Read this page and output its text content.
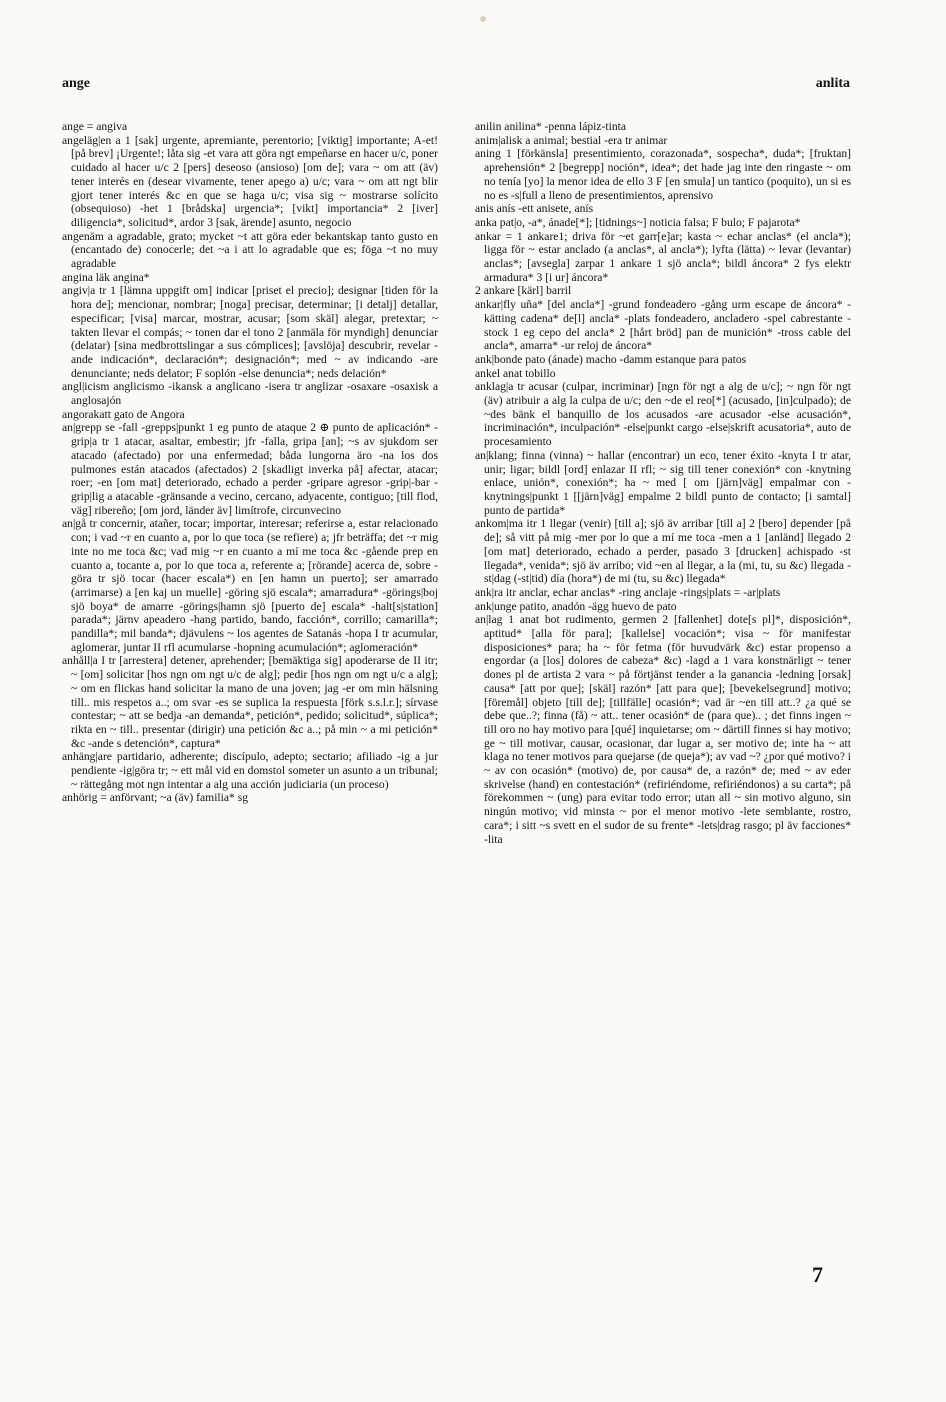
ange	anlita

ange = angiva

angeläg|en a 1 [sak] urgente, apremiante, perentorio; [viktig] importante; A-et! [på brev] ¡Urgente!; låta sig -et vara att göra ngt empeñarse en hacer u/c, poner cuidado al hacer u/c 2 [pers] deseoso (ansioso) [om de]; vara ~ om att (äv) tener interés en (desear vivamente, tener apego a) u/c; vara ~ om att ngt blir gjort tener interés &c en que se haga u/c; visa sig ~ mostrarse solícito (obsequioso) -het 1 [brådska] urgencia*; [vikt] importancia* 2 [iver] diligencia*, solicitud*, ardor 3 [sak, ärende] asunto, negocio

angenäm a agradable, grato; mycket ~t att göra eder bekantskap tanto gusto en (encantado de) conocerle; det ~a i att lo agradable que es; föga ~t no muy agradable

angina läk angina*

angiv|a tr 1 [lämna uppgift om] indicar [priset el precio]; designar [tiden för la hora de]; mencionar, nombrar; [noga] precisar, determinar; [i detalj] detallar, especificar; [visa] marcar, mostrar, acusar; [som skäl] alegar, pretextar; ~ takten llevar el compás; ~ tonen dar el tono 2 [anmäla för myndigh] denunciar (delatar) [sina medbrottslingar a sus cómplices]; [avslöja] descubrir, revelar -ande indicación*, declaración*; designación*; med ~ av indicando -are denunciante; neds delator; F soplón -else denuncia*; neds delación*

angl|icism anglicismo -ikansk a anglicano -isera tr anglizar -osaxare -osaxisk a anglosajón

angorakatt gato de Angora

an|grepp se -fall -grepps|punkt 1 eg punto de ataque 2 ⊕ punto de aplicación* -grip|a tr 1 atacar, asaltar, embestir; jfr -falla, gripa [an]; ~s av sjukdom ser atacado (afectado) por una enfermedad; båda lungorna äro -na los dos pulmones están atacados (afectados) 2 [skadligt inverka på] afectar, atacar; roer; -en [om mat] deteriorado, echado a perder -gripare agresor -grip|-bar -grip|lig a atacable -gränsande a vecino, cercano, adyacente, contiguo; [till flod, väg] ribereño; [om jord, länder äv] limítrofe, circunvecino

an|gå tr concernir, atañer, tocar; importar, interesar; referirse a, estar relacionado con; i vad ~r en cuanto a, por lo que toca (se refiere) a; jfr beträffa; det ~r mig inte no me toca &c; vad mig ~r en cuanto a mí me toca &c -gående prep en cuanto a, tocante a, por lo que toca a, referente a; [rörande] acerca de, sobre -göra tr sjö tocar (hacer escala*) en [en hamn un puerto]; ser amarrado (arrimarse) a [en kaj un muelle] -göring sjö escala*; amarradura* -görings|boj sjö boya* de amarre -görings|hamn sjö [puerto de] escala* -halt[s|station] parada*; järnv apeadero -hang partido, bando, facción*, corrillo; camarilla*; pandilla*; mil banda*; djävulens ~ los agentes de Satanás -hopa I tr acumular, aglomerar, juntar II rfl acumularse -hopning acumulación*; aglomeración*

anhåll|a I tr [arrestera] detener, aprehender; [bemäktiga sig] apoderarse de II itr; ~ [om] solicitar [hos ngn om ngt u/c de alg]; pedir [hos ngn om ngt u/c a alg]; ~ om en flickas hand solicitar la mano de una joven; jag -er om min hälsning till.. mis respetos a..; om svar -es se suplica la respuesta [förk s.s.l.r.]; sírvase contestar; ~ att se bedja -an demanda*, petición*, pedido; solicitud*, súplica*; rikta en ~ till.. presentar (dirigir) una petición &c a..; på min ~ a mi petición* &c -ande s detención*, captura*

anhäng|are partidario, adherente; discípulo, adepto; sectario; afiliado -ig a jur pendiente -ig|göra tr; ~ ett mål vid en domstol someter un asunto a un tribunal; ~ rättegång mot ngn intentar a alg una acción judiciaria (un proceso)

anhörig = anförvant; ~a (äv) familia* sg

anilin anilina* -penna lápiz-tinta

anim|alisk a animal; bestial -era tr animar

aning 1 [förkänsla] presentimiento, corazonada*, sospecha*, duda*; [fruktan] aprehensión* 2 [begrepp] noción*, idea*; det hade jag inte den ringaste ~ om no tenía [yo] la menor idea de ello 3 F [en smula] un tantico (poquito), un si es no es -s|full a lleno de presentimientos, aprensivo

anis anís -ett anisete, anís

anka pat|o, -a*, ánade[*]; [tidnings~] noticia falsa; F bulo; F pajarota*

ankar = 1 ankare1; driva för ~et garr[e]ar; kasta ~ echar anclas* (el ancla*); ligga för ~ estar anclado (a anclas*, al ancla*); lyfta (lätta) ~ levar (levantar) anclas*; [avsegla] zarpar 1 ankare 1 sjö ancla*; bildl áncora* 2 fys elektr armadura* 3 [i ur] áncora*

2 ankare [kärl] barril

ankar|fly uña* [del ancla*] -grund fondeadero -gång urm escape de áncora* -kätting cadena* de[l] ancla* -plats fondeadero, ancladero -spel cabrestante -stock 1 eg cepo del ancla* 2 [hårt bröd] pan de munición* -tross cable del ancla*, amarra* -ur reloj de áncora*

ank|bonde pato (ánade) macho -damm estanque para patos

ankel anat tobillo

anklag|a tr acusar (culpar, incriminar) [ngn för ngt a alg de u/c]; ~ ngn för ngt (äv) atribuir a alg la culpa de u/c; den ~de el reo[*] (acusado, [in]culpado); de ~des bänk el banquillo de los acusados -are acusador -else acusación*, incriminación*, inculpación* -else|punkt cargo -else|skrift acusatoria*, auto de procesamiento

an|klang; finna (vinna) ~ hallar (encontrar) un eco, tener éxito -knyta I tr atar, unir; ligar; bildl [ord] enlazar II rfl; ~ sig till tener conexión* con -knytning enlace, unión*, conexión*; ha ~ med [ om [järn]väg] empalmar con -knytnings|punkt 1 [[järn]väg] empalme 2 bildl punto de contacto; [i samtal] punto de partida*

ankom|ma itr 1 llegar (venir) [till a]; sjö äv arribar [till a] 2 [bero] depender [på de]; så vitt på mig -mer por lo que a mí me toca -men a 1 [anländ] llegado 2 [om mat] deteriorado, echado a perder, pasado 3 [drucken] achispado -st llegada*, venida*; sjö äv arribo; vid ~en al llegar, a la (mi, tu, su &c) llegada -st|dag (-st|tid) día (hora*) de mi (tu, su &c) llegada*

ank|ra itr anclar, echar anclas* -ring anclaje -rings|plats = -ar|plats

ank|unge patito, anadón -ägg huevo de pato

an|lag 1 anat bot rudimento, germen 2 [fallenhet] dote[s pl]*, disposición*, aptitud* [alla för para]; [kallelse] vocación*; visa ~ för manifestar disposiciones* para; ha ~ för fetma (för huvudvärk &c) estar propenso a engordar (a [los] dolores de cabeza* &c) -lagd a 1 vara konstnärligt ~ tener dones pl de artista 2 vara ~ på förtjänst tender a la ganancia -ledning [orsak] causa* [att por que]; [skäl] razón* [att para que]; [bevekelsegrund] motivo; [föremål] objeto [till de]; [tillfälle] ocasión*; vad är ~en till att..? ¿a qué se debe que..?; finna (få) ~ att.. tener ocasión* de (para que).. ; det finns ingen ~ till oro no hay motivo para [qué] inquietarse; om ~ därtill finnes si hay motivo; ge ~ till motivar, causar, ocasionar, dar lugar a, ser motivo de; inte ha ~ att klaga no tener motivos para quejarse (de queja*); av vad ~? ¿por qué motivo? i ~ av con ocasión* (motivo) de, por causa* de, a razón* de; med ~ av eder skrivelse (hand) en contestación* (refiriéndome, refiriéndonos) a su carta*; på förekommen ~ (ung) para evitar todo error; utan all ~ sin motivo alguno, sin ningún motivo; vid minsta ~ por el menor motivo -lete semblante, rostro, cara*; i sitt ~s svett en el sudor de su frente* -lets|drag rasgo; pl äv facciones* -lita

7
